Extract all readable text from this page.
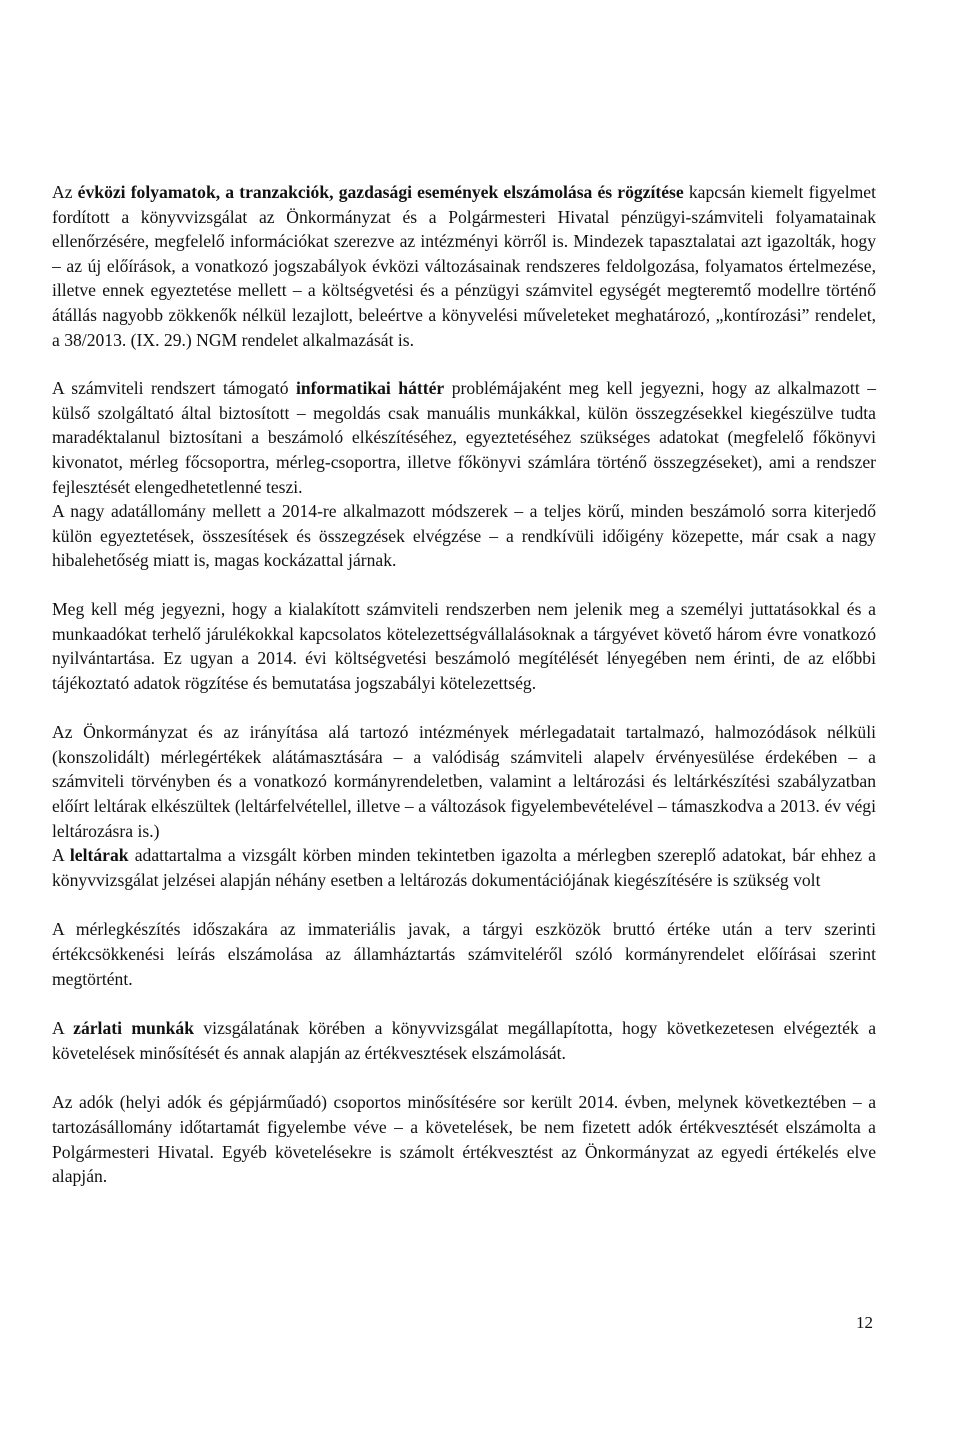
Az évközi folyamatok, a tranzakciók, gazdasági események elszámolása és rögzítése kapcsán kiemelt figyelmet fordított a könyvvizsgálat az Önkormányzat és a Polgármesteri Hivatal pénzügyi-számviteli folyamatainak ellenőrzésére, megfelelő információkat szerezve az intézményi körről is. Mindezek tapasztalatai azt igazolták, hogy – az új előírások, a vonatkozó jogszabályok évközi változásainak rendszeres feldolgozása, folyamatos értelmezése, illetve ennek egyeztetése mellett – a költségvetési és a pénzügyi számvitel egységét megteremtő modellre történő átállás nagyobb zökkenők nélkül lezajlott, beleértve a könyvelési műveleteket meghatározó, „kontírozási” rendelet, a 38/2013. (IX. 29.) NGM rendelet alkalmazását is.

A számviteli rendszert támogató informatikai háttér problémájaként meg kell jegyezni, hogy az alkalmazott – külső szolgáltató által biztosított – megoldás csak manuális munkákkal, külön összegzésekkel kiegészülve tudta maradéktalanul biztosítani a beszámoló elkészítéséhez, egyeztetéséhez szükséges adatokat (megfelelő főkönyvi kivonatot, mérleg főcsoportra, mérleg-csoportra, illetve főkönyvi számlára történő összegzéseket), ami a rendszer fejlesztését elengedhetetlenné teszi.

A nagy adatállomány mellett a 2014-re alkalmazott módszerek – a teljes körű, minden beszámoló sorra kiterjedő külön egyeztetések, összesítések és összegzések elvégzése – a rendkívüli időigény közepette, már csak a nagy hibalehetőség miatt is, magas kockázattal járnak.

Meg kell még jegyezni, hogy a kialakított számviteli rendszerben nem jelenik meg a személyi juttatásokkal és a munkaadókat terhelő járulékokkal kapcsolatos kötelezettségvállalásoknak a tárgyévet követő három évre vonatkozó nyilvántartása. Ez ugyan a 2014. évi költségvetési beszámoló megítélését lényegében nem érinti, de az előbbi tájékoztató adatok rögzítése és bemutatása jogszabályi kötelezettség.

Az Önkormányzat és az irányítása alá tartozó intézmények mérlegadatait tartalmazó, halmozódások nélküli (konszolidált) mérlegértékek alátámasztására – a valódiság számviteli alapelv érvényesülése érdekében – a számviteli törvényben és a vonatkozó kormányrendeletben, valamint a leltározási és leltárkészítési szabályzatban előírt leltárak elkészültek (leltárfelvétellel, illetve – a változások figyelembevételével – támaszkodva a 2013. év végi leltározásra is.)

A leltárak adattartalma a vizsgált körben minden tekintetben igazolta a mérlegben szereplő adatokat, bár ehhez a könyvvizsgálat jelzései alapján néhány esetben a leltározás dokumentációjának kiegészítésére is szükség volt

A mérlegkészítés időszakára az immateriális javak, a tárgyi eszközök bruttó értéke után a terv szerinti értékcsökkenési leírás elszámolása az államháztartás számviteléről szóló kormányrendelet előírásai szerint megtörtént.

A zárlati munkák vizsgálatának körében a könyvvizsgálat megállapította, hogy következetesen elvégezték a követelések minősítését és annak alapján az értékvesztések elszámolását.

Az adók (helyi adók és gépjárműadó) csoportos minősítésére sor került 2014. évben, melynek következtében – a tartozásállomány időtartamát figyelembe véve – a követelések, be nem fizetett adók értékvesztését elszámolta a Polgármesteri Hivatal. Egyéb követelésekre is számolt értékvesztést az Önkormányzat az egyedi értékelés elve alapján.

12
